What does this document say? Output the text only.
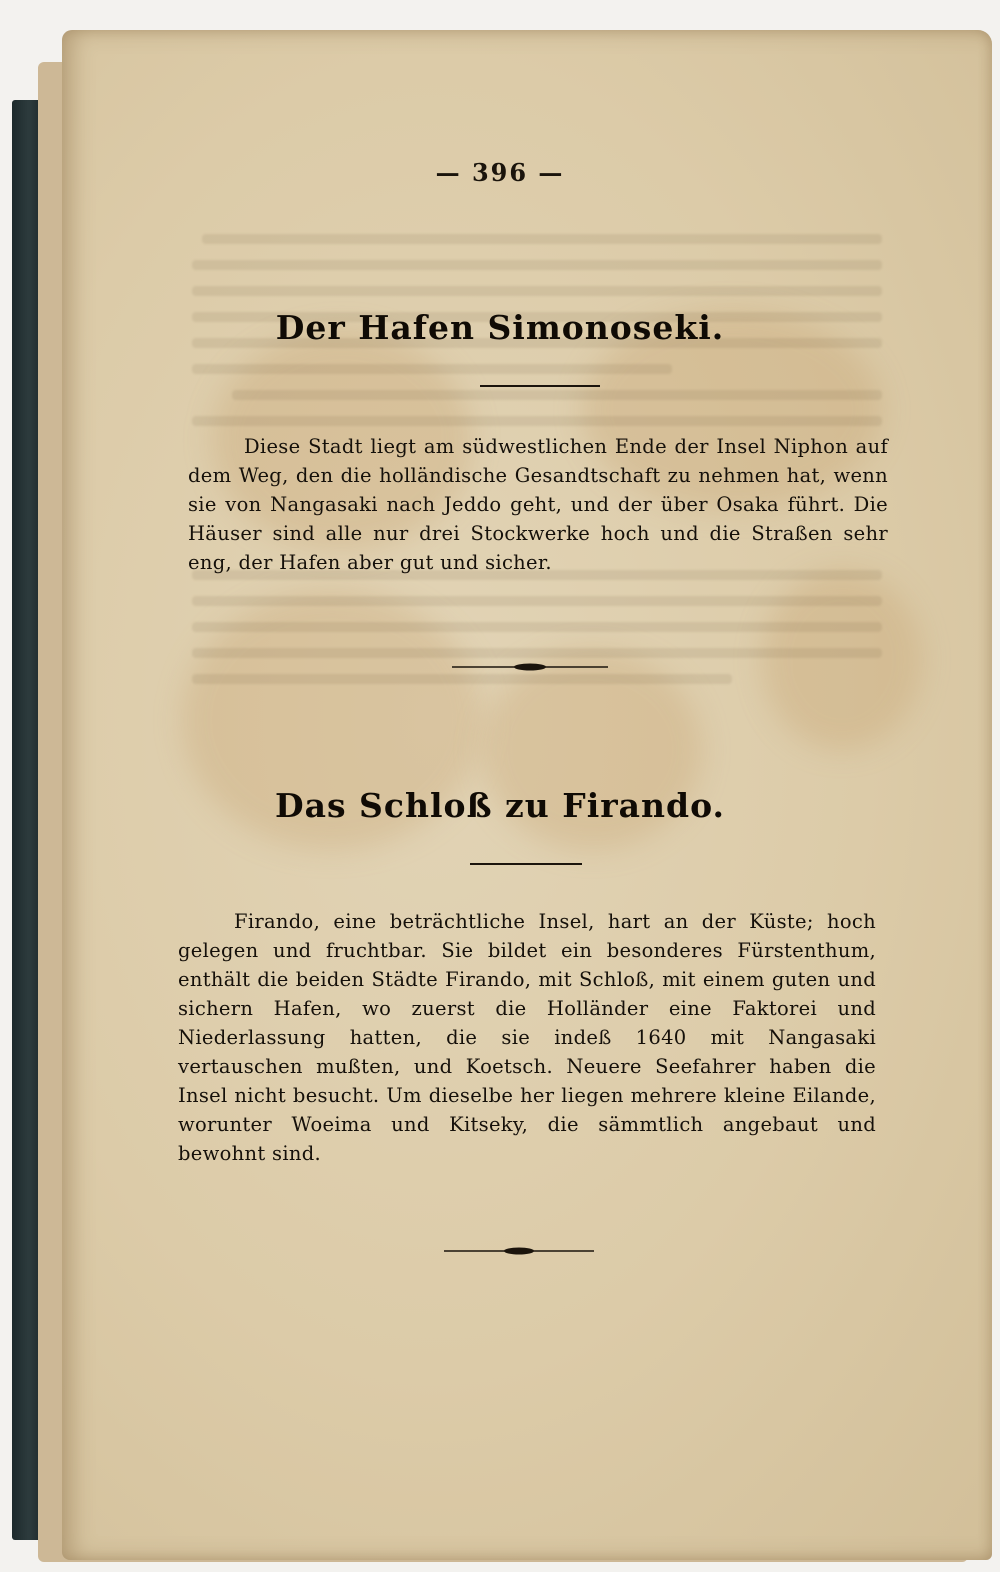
— 396 —
Der Hafen Simonoseki.
Diese Stadt liegt am südwestlichen Ende der Insel Niphon auf dem Weg, den die holländische Gesandtschaft zu nehmen hat, wenn sie von Nangasaki nach Jeddo geht, und der über Osaka führt. Die Häuser sind alle nur drei Stockwerke hoch und die Straßen sehr eng, der Hafen aber gut und sicher.
Das Schloß zu Firando.
Firando, eine beträchtliche Insel, hart an der Küste; hoch gelegen und fruchtbar. Sie bildet ein besonderes Fürstenthum, enthält die beiden Städte Firando, mit Schloß, mit einem guten und sichern Hafen, wo zuerst die Holländer eine Faktorei und Niederlassung hatten, die sie indeß 1640 mit Nangasaki vertauschen mußten, und Koetsch. Neuere Seefahrer haben die Insel nicht besucht. Um dieselbe her liegen mehrere kleine Eilande, worunter Woeima und Kitseky, die sämmtlich angebaut und bewohnt sind.
